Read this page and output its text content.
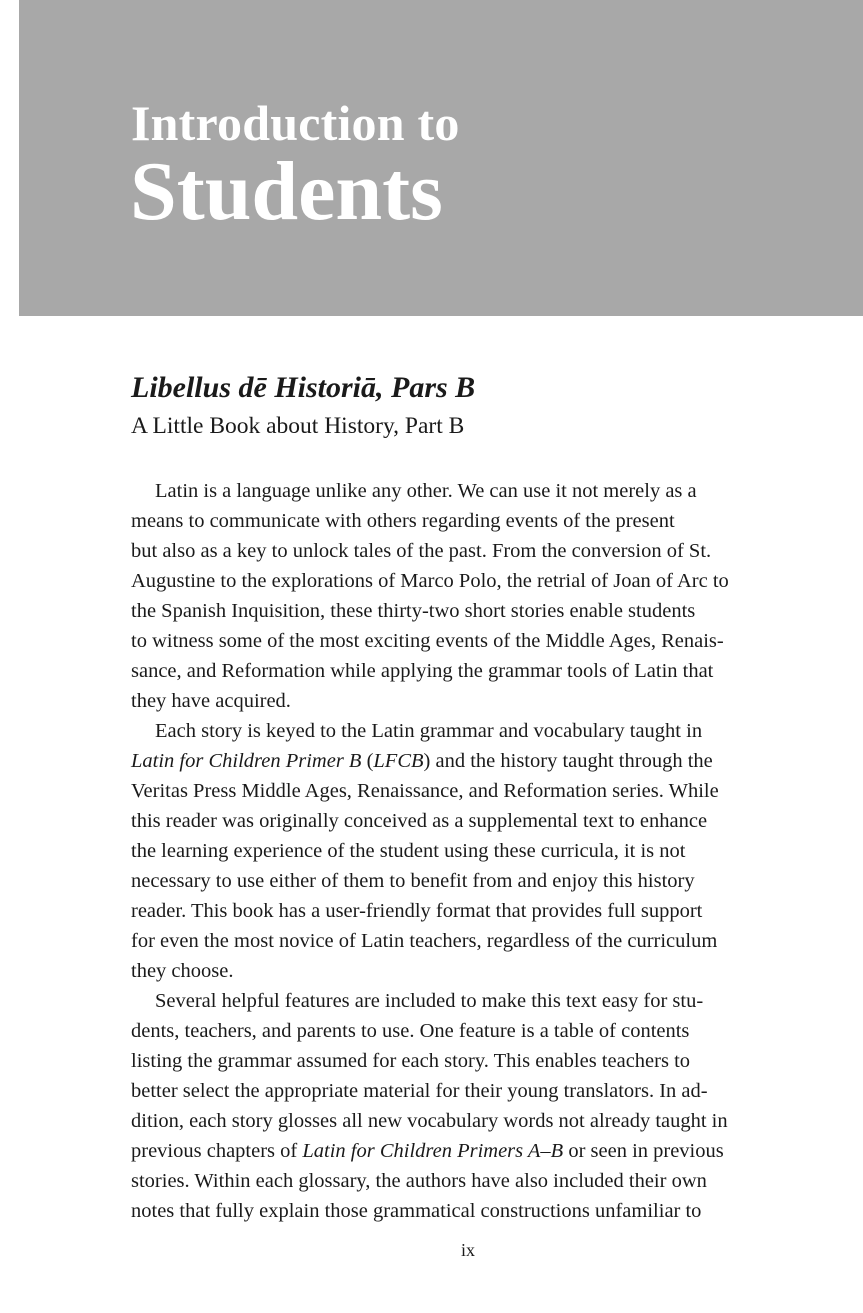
Introduction to
Students
Libellus dē Historiā, Pars B

A Little Book about History, Part B

Latin is a language unlike any other. We can use it not merely as a
means to communicate with others regarding events of the present
but also as a key to unlock tales of the past. From the conversion of St.
Augustine to the explorations of Marco Polo, the retrial of Joan of Arc to
the Spanish Inquisition, these thirty-two short stories enable students
to witness some of the most exciting events of the Middle Ages, Renais-
sance, and Reformation while applying the grammar tools of Latin that
they have acquired.

Each story is keyed to the Latin grammar and vocabulary taught in
Latin for Children Primer B (LFCB) and the history taught through the
Veritas Press Middle Ages, Renaissance, and Reformation series. While
this reader was originally conceived as a supplemental text to enhance
the learning experience of the student using these curricula, it is not
necessary to use either of them to benefit from and enjoy this history
reader. This book has a user-friendly format that provides full support
for even the most novice of Latin teachers, regardless of the curriculum
they choose.

Several helpful features are included to make this text easy for stu-
dents, teachers, and parents to use. One feature is a table of contents
listing the grammar assumed for each story. This enables teachers to
better select the appropriate material for their young translators. In ad-
dition, each story glosses all new vocabulary words not already taught in
previous chapters of Latin for Children Primers A–B or seen in previous
stories. Within each glossary, the authors have also included their own
notes that fully explain those grammatical constructions unfamiliar to

ix
